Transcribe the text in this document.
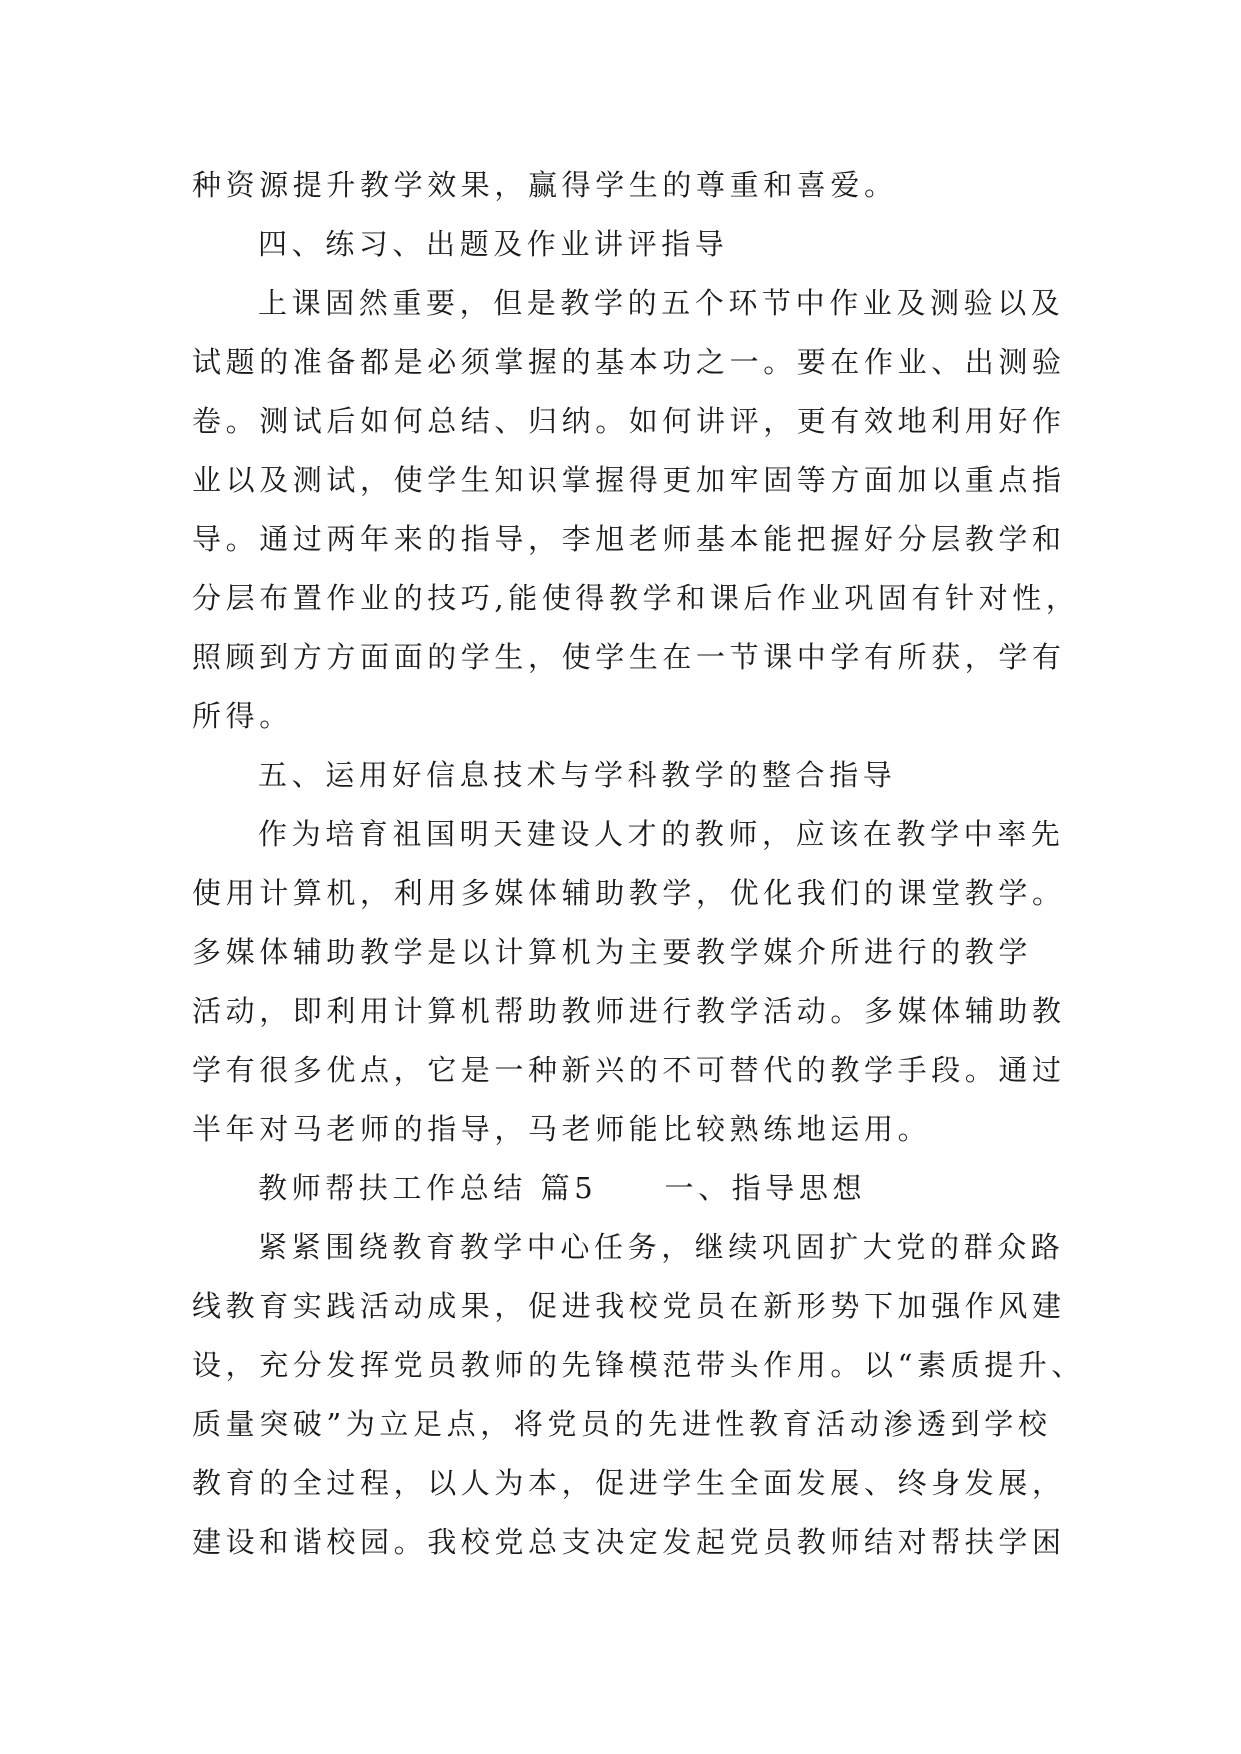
种资源提升教学效果，赢得学生的尊重和喜爱。
四、练习、出题及作业讲评指导
上课固然重要，但是教学的五个环节中作业及测验以及
试题的准备都是必须掌握的基本功之一。要在作业、出测验
卷。测试后如何总结、归纳。如何讲评，更有效地利用好作
业以及测试，使学生知识掌握得更加牢固等方面加以重点指
导。通过两年来的指导，李旭老师基本能把握好分层教学和
分层布置作业的技巧,能使得教学和课后作业巩固有针对性，
照顾到方方面面的学生，使学生在一节课中学有所获，学有
所得。
五、运用好信息技术与学科教学的整合指导
作为培育祖国明天建设人才的教师，应该在教学中率先
使用计算机，利用多媒体辅助教学，优化我们的课堂教学。
多媒体辅助教学是以计算机为主要教学媒介所进行的教学
活动，即利用计算机帮助教师进行教学活动。多媒体辅助教
学有很多优点，它是一种新兴的不可替代的教学手段。通过
半年对马老师的指导，马老师能比较熟练地运用。
教师帮扶工作总结 篇5　　一、指导思想
紧紧围绕教育教学中心任务，继续巩固扩大党的群众路
线教育实践活动成果，促进我校党员在新形势下加强作风建
设，充分发挥党员教师的先锋模范带头作用。以“素质提升、
质量突破”为立足点，将党员的先进性教育活动渗透到学校
教育的全过程，以人为本，促进学生全面发展、终身发展，
建设和谐校园。我校党总支决定发起党员教师结对帮扶学困
